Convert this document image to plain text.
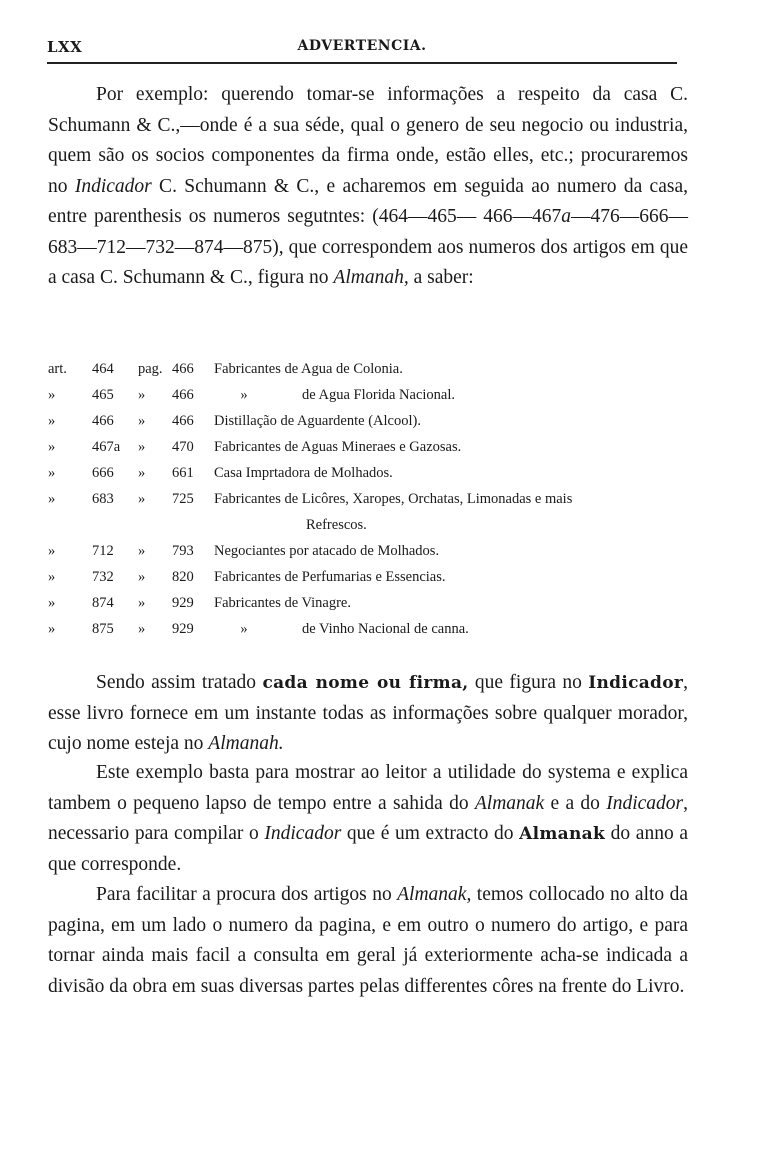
LXX	ADVERTENCIA.

Por exemplo: querendo tomar-se informações a respeito da casa C. Schumann & C.,—onde é a sua séde, qual o genero de seu negocio ou industria, quem são os socios componentes da firma onde, estão elles, etc.; procuraremos no Indicador C. Schumann & C., e acharemos em seguida ao numero da casa, entre parenthesis os numeros segutntes: (464—465— 466—467a—476—666—683—712—732—874—875), que correspondem aos numeros dos artigos em que a casa C. Schumann & C., figura no Almanah, a saber:

art.	464	pag. 466	Fabricantes de Agua de Colonia.
»	465	»	466	»	de Agua Florida Nacional.
»	466	»	466	Distillação de Aguardente (Alcool).
»	467a	»	470	Fabricantes de Aguas Mineraes e Gazosas.
»	666	»	661	Casa Imprtadora de Molhados.
»	683	»	725	Fabricantes de Licôres, Xaropes, Orchatas, Limonadas e mais
Refrescos.
»	712	»	793	Negociantes por atacado de Molhados.
»	732	»	820	Fabricantes de Perfumarias e Essencias.
»	874	»	929	Fabricantes de Vinagre.
»	875	»	929	»	de Vinho Nacional de canna.

Sendo assim tratado cada nome ou firma, que figura no Indicador, esse livro fornece em um instante todas as informações sobre qualquer morador, cujo nome esteja no Almanah.

Este exemplo basta para mostrar ao leitor a utilidade do systema e explica tambem o pequeno lapso de tempo entre a sahida do Almanak e a do Indicador, necessario para compilar o Indicador que é um extracto do Almanak do anno a que corresponde.

Para facilitar a procura dos artigos no Almanak, temos collocado no alto da pagina, em um lado o numero da pagina, e em outro o numero do artigo, e para tornar ainda mais facil a consulta em geral já exteriormente acha-se indicada a divisão da obra em suas diversas partes pelas differentes côres na frente do Livro.
